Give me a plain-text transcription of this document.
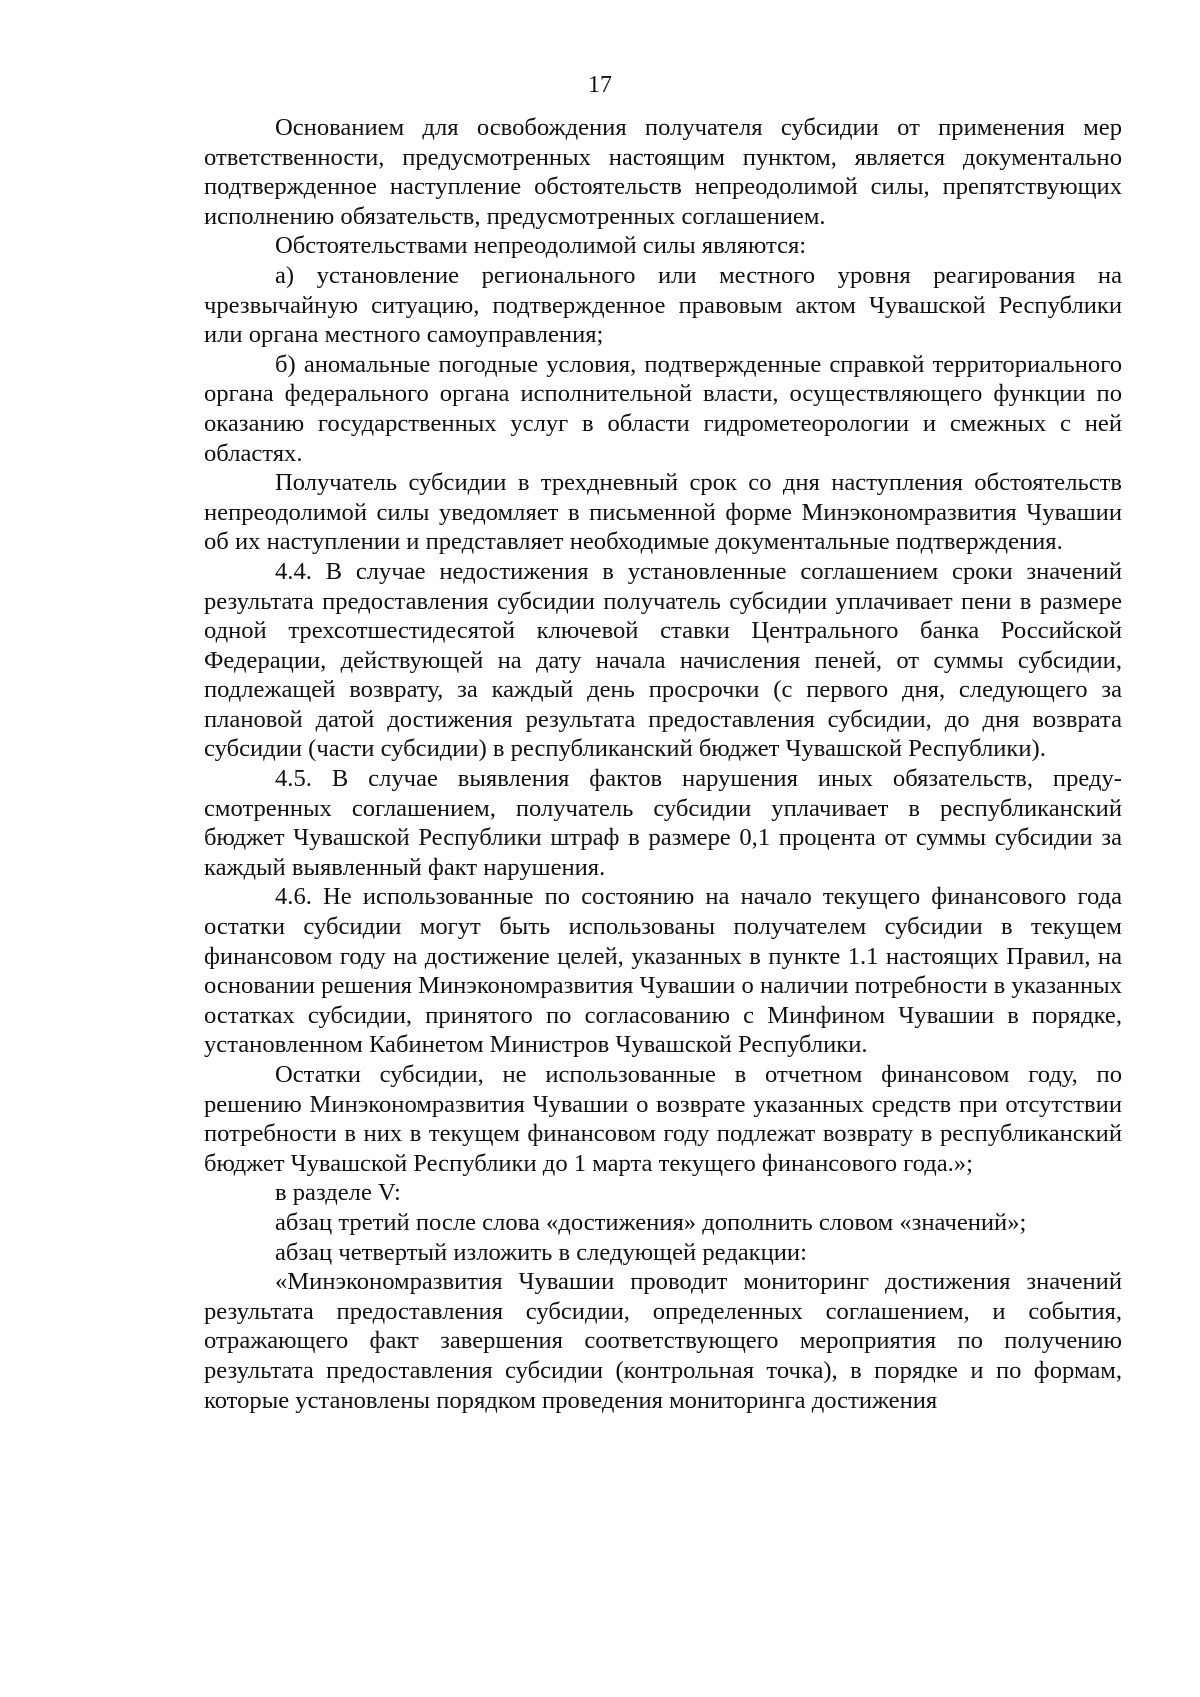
17

Основанием для освобождения получателя субсидии от применения мер ответственности, предусмотренных настоящим пунктом, является документально подтвержденное наступление обстоятельств непреодолимой силы, препятствующих исполнению обязательств, предусмотренных соглашением.

Обстоятельствами непреодолимой силы являются:

а) установление регионального или местного уровня реагирования на чрезвычайную ситуацию, подтвержденное правовым актом Чувашской Республики или органа местного самоуправления;

б) аномальные погодные условия, подтвержденные справкой территориального органа федерального органа исполнительной власти, осуществляющего функции по оказанию государственных услуг в области гидрометеорологии и смежных с ней областях.

Получатель субсидии в трехдневный срок со дня наступления обстоятельств непреодолимой силы уведомляет в письменной форме Минэкономразвития Чувашии об их наступлении и представляет необходимые документальные подтверждения.

4.4. В случае недостижения в установленные соглашением сроки значений результата предоставления субсидии получатель субсидии уплачивает пени в размере одной трехсотшестидесятой ключевой ставки Центрального банка Российской Федерации, действующей на дату начала начисления пеней, от суммы субсидии, подлежащей возврату, за каждый день просрочки (с первого дня, следующего за плановой датой достижения результата предоставления субсидии, до дня возврата субсидии (части субсидии) в республиканский бюджет Чувашской Республики).

4.5. В случае выявления фактов нарушения иных обязательств, предусмотренных соглашением, получатель субсидии уплачивает в республиканский бюджет Чувашской Республики штраф в размере 0,1 процента от суммы субсидии за каждый выявленный факт нарушения.

4.6. Не использованные по состоянию на начало текущего финансового года остатки субсидии могут быть использованы получателем субсидии в текущем финансовом году на достижение целей, указанных в пункте 1.1 настоящих Правил, на основании решения Минэкономразвития Чувашии о наличии потребности в указанных остатках субсидии, принятого по согласованию с Минфином Чувашии в порядке, установленном Кабинетом Министров Чувашской Республики.

Остатки субсидии, не использованные в отчетном финансовом году, по решению Минэкономразвития Чувашии о возврате указанных средств при отсутствии потребности в них в текущем финансовом году подлежат возврату в республиканский бюджет Чувашской Республики до 1 марта текущего финансового года.»;

в разделе V:

абзац третий после слова «достижения» дополнить словом «значений»;

абзац четвертый изложить в следующей редакции:

«Минэкономразвития Чувашии проводит мониторинг достижения значений результата предоставления субсидии, определенных соглашением, и события, отражающего факт завершения соответствующего мероприятия по получению результата предоставления субсидии (контрольная точка), в порядке и по формам, которые установлены порядком проведения мониторинга достижения
